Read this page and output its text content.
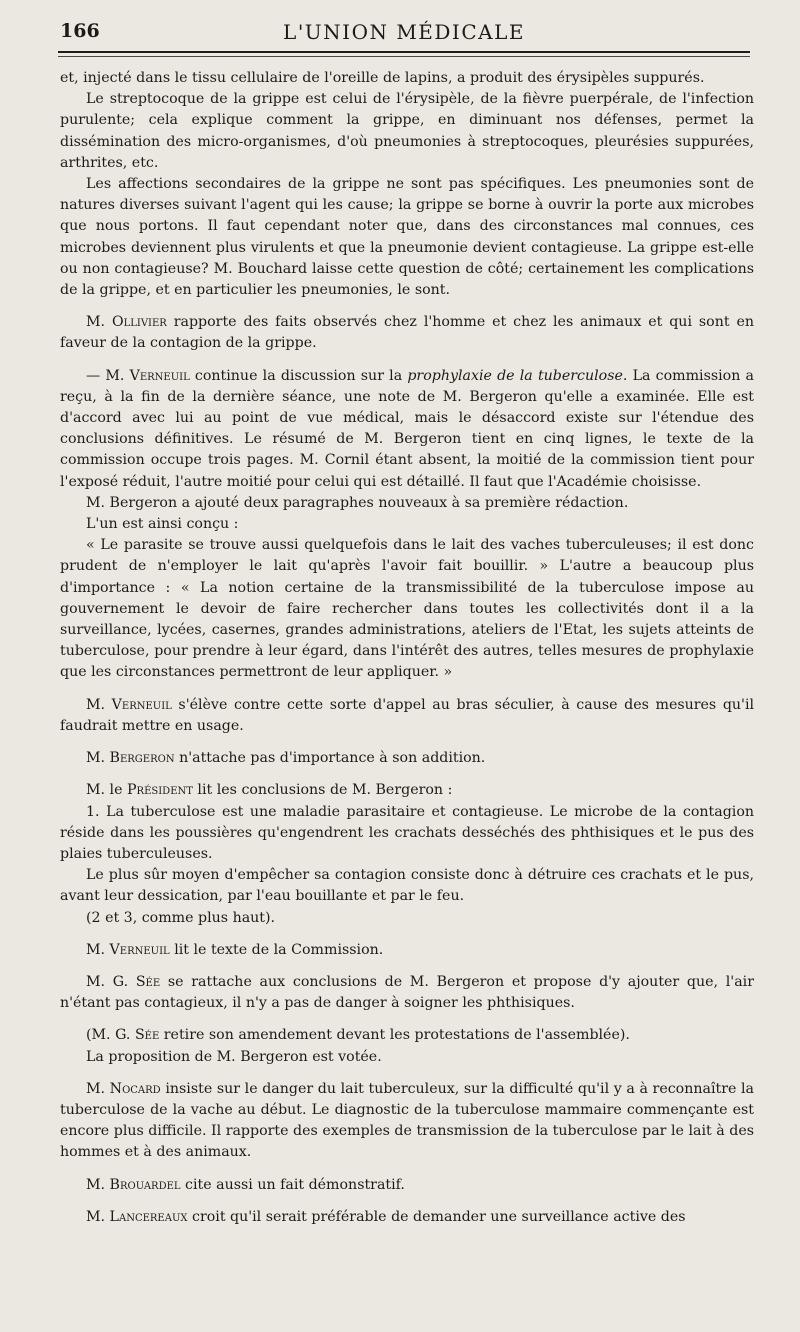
166	L'UNION MÉDICALE

et, injecté dans le tissu cellulaire de l'oreille de lapins, a produit des érysipèles suppurés.

Le streptocoque de la grippe est celui de l'érysipèle, de la fièvre puerpérale, de l'infection purulente; cela explique comment la grippe, en diminuant nos défenses, permet la dissémination des micro-organismes, d'où pneumonies à streptocoques, pleurésies suppurées, arthrites, etc.

Les affections secondaires de la grippe ne sont pas spécifiques. Les pneumonies sont de natures diverses suivant l'agent qui les cause; la grippe se borne à ouvrir la porte aux microbes que nous portons. Il faut cependant noter que, dans des circonstances mal connues, ces microbes deviennent plus virulents et que la pneumonie devient contagieuse. La grippe est-elle ou non contagieuse? M. Bouchard laisse cette question de côté; certainement les complications de la grippe, et en particulier les pneumonies, le sont.

M. Ollivier rapporte des faits observés chez l'homme et chez les animaux et qui sont en faveur de la contagion de la grippe.

— M. Verneuil continue la discussion sur la prophylaxie de la tuberculose. La commission a reçu, à la fin de la dernière séance, une note de M. Bergeron qu'elle a examinée. Elle est d'accord avec lui au point de vue médical, mais le désaccord existe sur l'étendue des conclusions définitives. Le résumé de M. Bergeron tient en cinq lignes, le texte de la commission occupe trois pages. M. Cornil étant absent, la moitié de la commission tient pour l'exposé réduit, l'autre moitié pour celui qui est détaillé. Il faut que l'Académie choisisse.

M. Bergeron a ajouté deux paragraphes nouveaux à sa première rédaction.

L'un est ainsi conçu :

« Le parasite se trouve aussi quelquefois dans le lait des vaches tuberculeuses; il est donc prudent de n'employer le lait qu'après l'avoir fait bouillir. » L'autre a beaucoup plus d'importance : « La notion certaine de la transmissibilité de la tuberculose impose au gouvernement le devoir de faire rechercher dans toutes les collectivités dont il a la surveillance, lycées, casernes, grandes administrations, ateliers de l'Etat, les sujets atteints de tuberculose, pour prendre à leur égard, dans l'intérêt des autres, telles mesures de prophylaxie que les circonstances permettront de leur appliquer. »

M. Verneuil s'élève contre cette sorte d'appel au bras séculier, à cause des mesures qu'il faudrait mettre en usage.

M. Bergeron n'attache pas d'importance à son addition.

M. le Président lit les conclusions de M. Bergeron :

1. La tuberculose est une maladie parasitaire et contagieuse. Le microbe de la contagion réside dans les poussières qu'engendrent les crachats desséchés des phthisiques et le pus des plaies tuberculeuses.

Le plus sûr moyen d'empêcher sa contagion consiste donc à détruire ces crachats et le pus, avant leur dessication, par l'eau bouillante et par le feu.

(2 et 3, comme plus haut).

M. Verneuil lit le texte de la Commission.

M. G. Sée se rattache aux conclusions de M. Bergeron et propose d'y ajouter que, l'air n'étant pas contagieux, il n'y a pas de danger à soigner les phthisiques.

(M. G. Sée retire son amendement devant les protestations de l'assemblée).

La proposition de M. Bergeron est votée.

M. Nocard insiste sur le danger du lait tuberculeux, sur la difficulté qu'il y a à reconnaître la tuberculose de la vache au début. Le diagnostic de la tuberculose mammaire commençante est encore plus difficile. Il rapporte des exemples de transmission de la tuberculose par le lait à des hommes et à des animaux.

M. Brouardel cite aussi un fait démonstratif.

M. Lancereaux croit qu'il serait préférable de demander une surveillance active des
